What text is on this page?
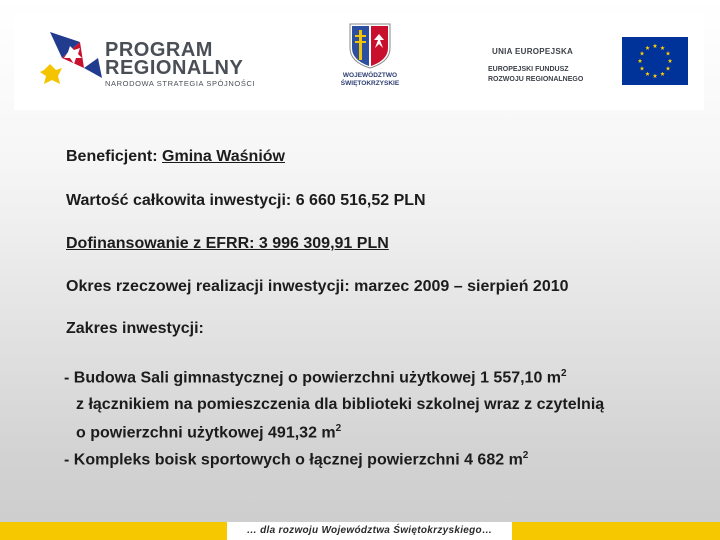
PROGRAM
REGIONALNY
NARODOWA STRATEGIA SPÓJNOŚCI
WOJEWÓDZTWO
ŚWIĘTOKRZYSKIE
UNIA EUROPEJSKA
EUROPEJSKI FUNDUSZ
ROZWOJU REGIONALNEGO

Beneficjent: Gmina Waśniów

Wartość całkowita inwestycji: 6 660 516,52 PLN

Dofinansowanie z EFRR: 3 996 309,91 PLN

Okres rzeczowej realizacji inwestycji: marzec 2009 – sierpień 2010

Zakres inwestycji:

- Budowa Sali gimnastycznej o powierzchni użytkowej 1 557,10 $m^2$

z łącznikiem na pomieszczenia dla biblioteki szkolnej wraz z czytelnią

o powierzchni użytkowej 491,32 $m^2$

- Kompleks boisk sportowych o łącznej powierzchni 4 682 $m^2$

… dla rozwoju Województwa Świętokrzyskiego…
